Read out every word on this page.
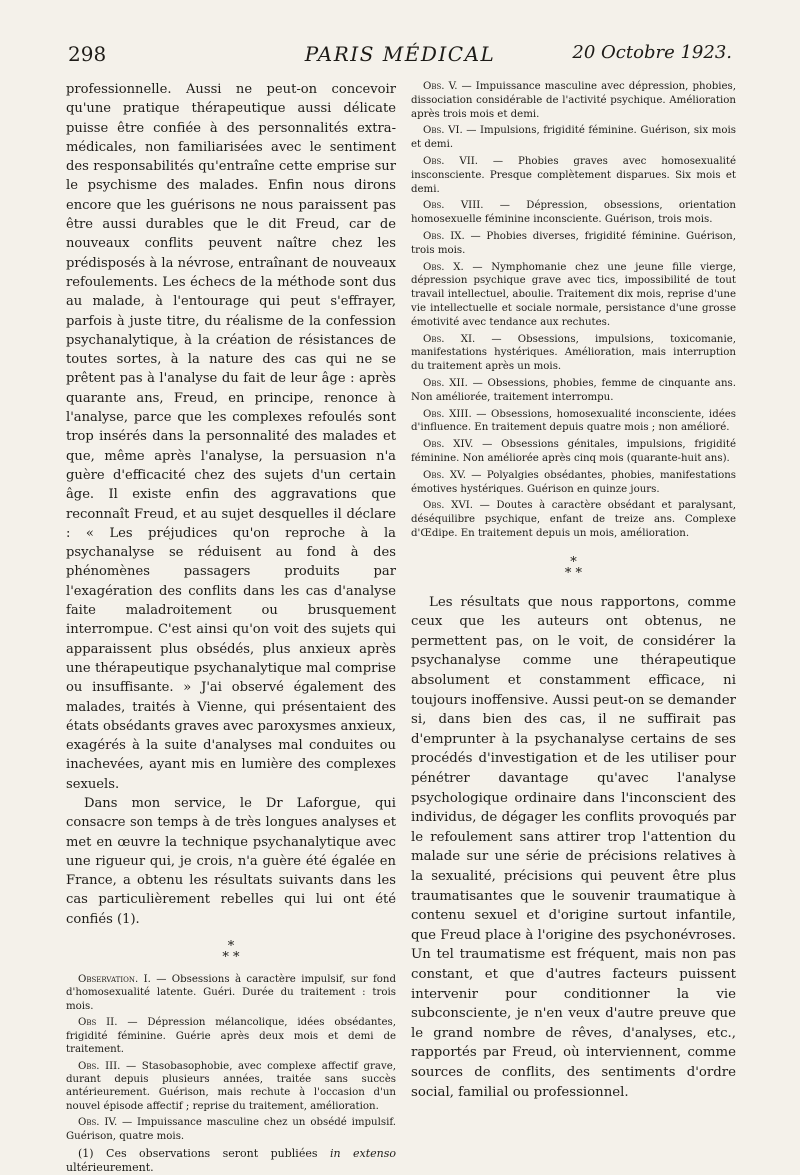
298	PARIS MÉDICAL	20 Octobre 1923.

professionnelle. Aussi ne peut-on concevoir qu'une pratique thérapeutique aussi délicate puisse être confiée à des personnalités extra-médicales, non familiarisées avec le sentiment des responsabilités qu'entraîne cette emprise sur le psychisme des malades. Enfin nous dirons encore que les guérisons ne nous paraissent pas être aussi durables que le dit Freud, car de nouveaux conflits peuvent naître chez les prédisposés à la névrose, entraînant de nouveaux refoulements. Les échecs de la méthode sont dus au malade, à l'entourage qui peut s'effrayer, parfois à juste titre, du réalisme de la confession psychanalytique, à la création de résistances de toutes sortes, à la nature des cas qui ne se prêtent pas à l'analyse du fait de leur âge : après quarante ans, Freud, en principe, renonce à l'analyse, parce que les complexes refoulés sont trop insérés dans la personnalité des malades et que, même après l'analyse, la persuasion n'a guère d'efficacité chez des sujets d'un certain âge. Il existe enfin des aggravations que reconnaît Freud, et au sujet desquelles il déclare : « Les préjudices qu'on reproche à la psychanalyse se réduisent au fond à des phénomènes passagers produits par l'exagération des conflits dans les cas d'analyse faite maladroitement ou brusquement interrompue. C'est ainsi qu'on voit des sujets qui apparaissent plus obsédés, plus anxieux après une thérapeutique psychanalytique mal comprise ou insuffisante. » J'ai observé également des malades, traités à Vienne, qui présentaient des états obsédants graves avec paroxysmes anxieux, exagérés à la suite d'analyses mal conduites ou inachevées, ayant mis en lumière des complexes sexuels.

Dans mon service, le Dr Laforgue, qui consacre son temps à de très longues analyses et met en œuvre la technique psychanalytique avec une rigueur qui, je crois, n'a guère été égalée en France, a obtenu les résultats suivants dans les cas particulièrement rebelles qui lui ont été confiés (1).

*
* *

Observation. I. — Obsessions à caractère impulsif, sur fond d'homosexualité latente. Guéri. Durée du traitement : trois mois.

Obs II. — Dépression mélancolique, idées obsédantes, frigidité féminine. Guérie après deux mois et demi de traitement.

Obs. III. — Stasobasophobie, avec complexe affectif grave, durant depuis plusieurs années, traitée sans succès antérieurement. Guérison, mais rechute à l'occasion d'un nouvel épisode affectif ; reprise du traitement, amélioration.

Obs. IV. — Impuissance masculine chez un obsédé impulsif. Guérison, quatre mois.

(1) Ces observations seront publiées in extenso ultérieurement.

Obs. V. — Impuissance masculine avec dépression, phobies, dissociation considérable de l'activité psychique. Amélioration après trois mois et demi.

Obs. VI. — Impulsions, frigidité féminine. Guérison, six mois et demi.

Obs. VII. — Phobies graves avec homosexualité insconsciente. Presque complètement disparues. Six mois et demi.

Obs. VIII. — Dépression, obsessions, orientation homosexuelle féminine inconsciente. Guérison, trois mois.

Obs. IX. — Phobies diverses, frigidité féminine. Guérison, trois mois.

Obs. X. — Nymphomanie chez une jeune fille vierge, dépression psychique grave avec tics, impossibilité de tout travail intellectuel, aboulie. Traitement dix mois, reprise d'une vie intellectuelle et sociale normale, persistance d'une grosse émotivité avec tendance aux rechutes.

Obs. XI. — Obsessions, impulsions, toxicomanie, manifestations hystériques. Amélioration, mais interruption du traitement après un mois.

Obs. XII. — Obsessions, phobies, femme de cinquante ans. Non améliorée, traitement interrompu.

Obs. XIII. — Obsessions, homosexualité inconsciente, idées d'influence. En traitement depuis quatre mois ; non amélioré.

Obs. XIV. — Obsessions génitales, impulsions, frigidité féminine. Non améliorée après cinq mois (quarante-huit ans).

Obs. XV. — Polyalgies obsédantes, phobies, manifestations émotives hystériques. Guérison en quinze jours.

Obs. XVI. — Doutes à caractère obsédant et paralysant, déséquilibre psychique, enfant de treize ans. Complexe d'Œdipe. En traitement depuis un mois, amélioration.

*
* *

Les résultats que nous rapportons, comme ceux que les auteurs ont obtenus, ne permettent pas, on le voit, de considérer la psychanalyse comme une thérapeutique absolument et constamment efficace, ni toujours inoffensive. Aussi peut-on se demander si, dans bien des cas, il ne suffirait pas d'emprunter à la psychanalyse certains de ses procédés d'investigation et de les utiliser pour pénétrer davantage qu'avec l'analyse psychologique ordinaire dans l'inconscient des individus, de dégager les conflits provoqués par le refoulement sans attirer trop l'attention du malade sur une série de précisions relatives à la sexualité, précisions qui peuvent être plus traumatisantes que le souvenir traumatique à contenu sexuel et d'origine surtout infantile, que Freud place à l'origine des psychonévroses. Un tel traumatisme est fréquent, mais non pas constant, et que d'autres facteurs puissent intervenir pour conditionner la vie subconsciente, je n'en veux d'autre preuve que le grand nombre de rêves, d'analyses, etc., rapportés par Freud, où interviennent, comme sources de conflits, des sentiments d'ordre social, familial ou professionnel.
